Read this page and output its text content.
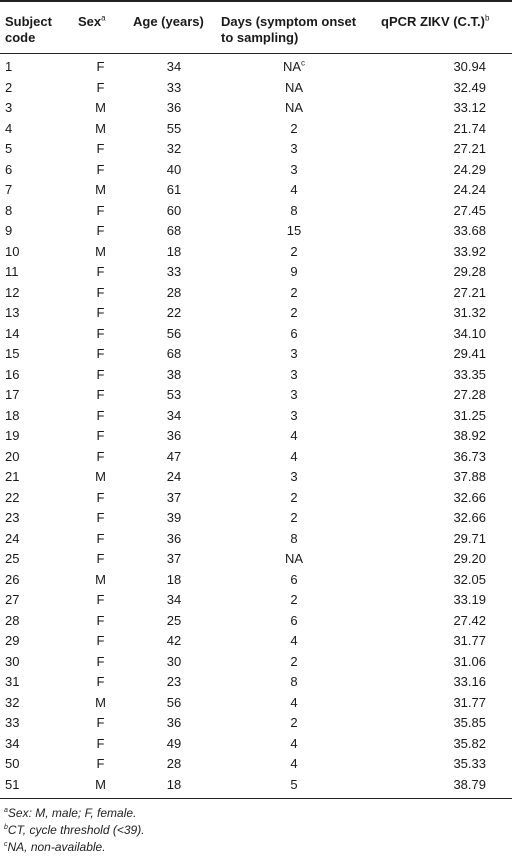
Subject code	Sex$^a$	Age (years)	Days (symptom onset to sampling)	qPCR ZIKV $(C.T.)^b$
1	F	34	$NA^c$	30.94
2	F	33	NA	32.49
3	M	36	NA	33.12
4	M	55	2	21.74
5	F	32	3	27.21
6	F	40	3	24.29
7	M	61	4	24.24
8	F	60	8	27.45
9	F	68	15	33.68
10	M	18	2	33.92
11	F	33	9	29.28
12	F	28	2	27.21
13	F	22	2	31.32
14	F	56	6	34.10
15	F	68	3	29.41
16	F	38	3	33.35
17	F	53	3	27.28
18	F	34	3	31.25
19	F	36	4	38.92
20	F	47	4	36.73
21	M	24	3	37.88
22	F	37	2	32.66
23	F	39	2	32.66
24	F	36	8	29.71
25	F	37	NA	29.20
26	M	18	6	32.05
27	F	34	2	33.19
28	F	25	6	27.42
29	F	42	4	31.77
30	F	30	2	31.06
31	F	23	8	33.16
32	M	56	4	31.77
33	F	36	2	35.85
34	F	49	4	35.82
50	F	28	4	35.33
51	M	18	5	38.79
$^a$Sex: M, male; F, female.
$^b$CT, cycle threshold (<39).
$^c$NA, non-available.
